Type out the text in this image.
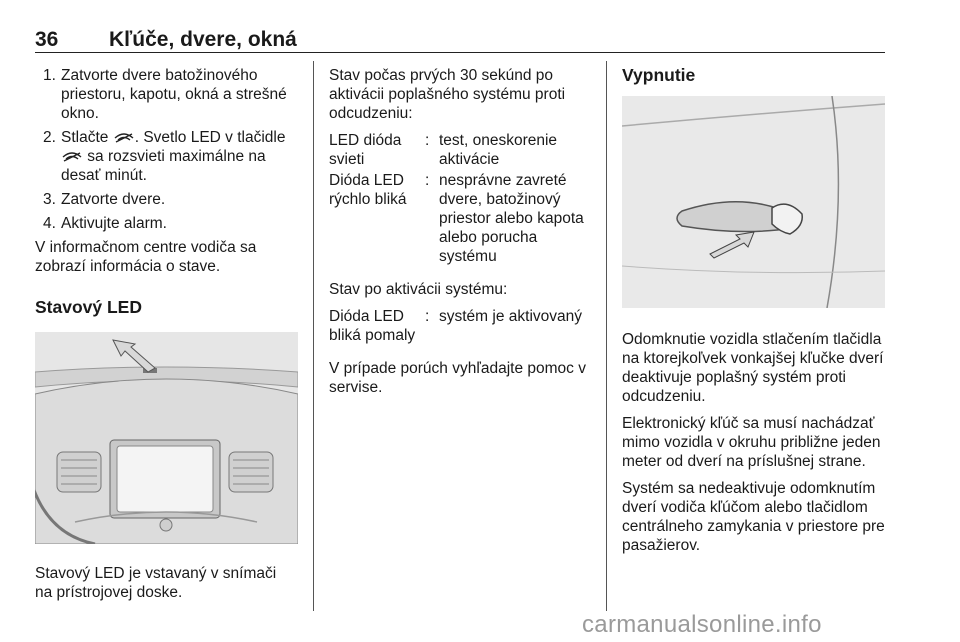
36 Kľúče, dvere, okná
1. Zatvorte dvere batožinového priestoru, kapotu, okná a strešné okno.
2. Stlačte
. Svetlo LED v tlačidle
sa rozsvieti maximálne na desať minút.
3. Zatvorte dvere.
4. Aktivujte alarm.

V informačnom centre vodiča sa zobrazí informácia o stave.

Stavový LED

Stavový LED je vstavaný v snímači na prístrojovej doske.

Stav počas prvých 30 sekúnd po aktivácii poplašného systému proti odcudzeniu:

LED dióda svieti	:	test, oneskorenie aktivácie
Dióda LED rýchlo bliká	:	nesprávne zavreté dvere, batožinový priestor alebo kapota alebo porucha systému

Stav po aktivácii systému:

Dióda LED bliká pomaly	:	systém je aktivovaný

V prípade porúch vyhľadajte pomoc v servise.

Vypnutie

Odomknutie vozidla stlačením tlačidla na ktorejkoľvek vonkajšej kľučke dverí deaktivuje poplašný systém proti odcudzeniu.

Elektronický kľúč sa musí nachádzať mimo vozidla v okruhu približne jeden meter od dverí na príslušnej strane.

Systém sa nedeaktivuje odomknutím dverí vodiča kľúčom alebo tlačidlom centrálneho zamykania v priestore pre pasažierov.

carmanualsonline.info
